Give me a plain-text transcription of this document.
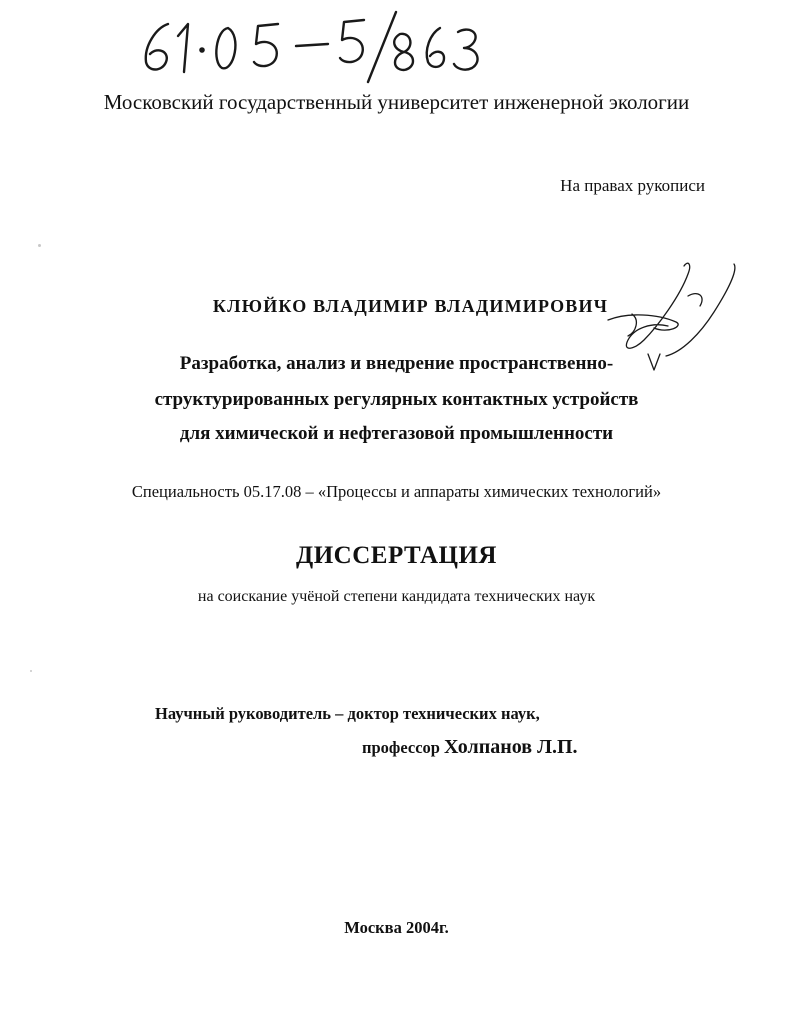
Московский государственный университет инженерной экологии
На правах рукописи
КЛЮЙКО ВЛАДИМИР ВЛАДИМИРОВИЧ
Разработка, анализ и внедрение пространственно-
структурированных регулярных контактных устройств
для химической и нефтегазовой промышленности
Специальность 05.17.08 – «Процессы и аппараты химических технологий»
ДИССЕРТАЦИЯ
на соискание учёной степени кандидата технических наук
Научный руководитель – доктор технических наук,
профессор Холпанов Л.П.
Москва 2004г.
